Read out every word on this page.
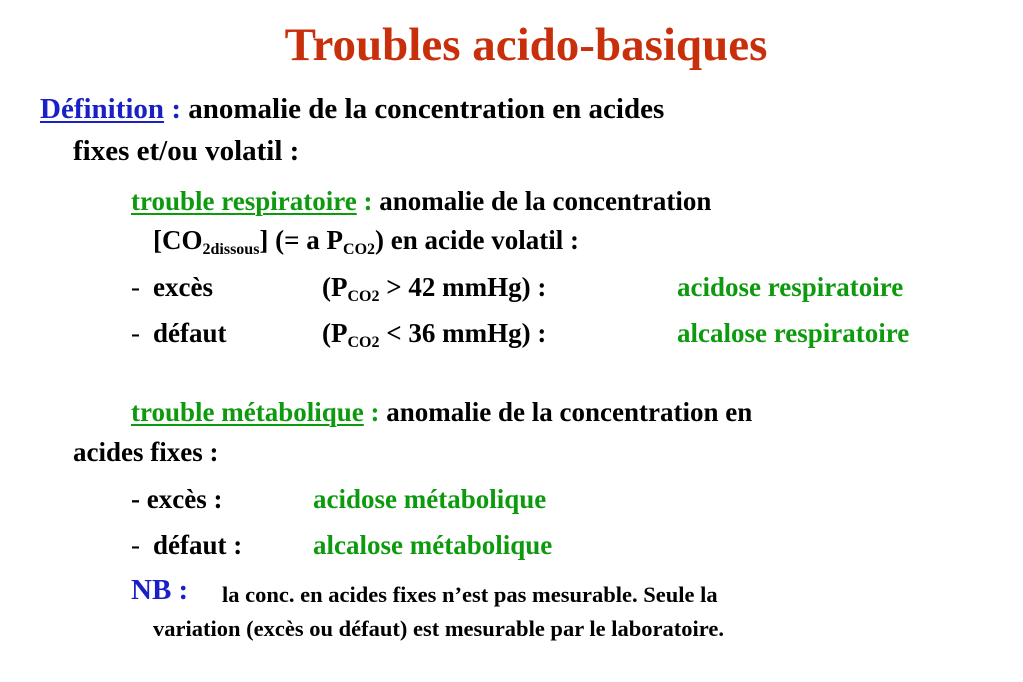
Troubles acido-basiques
Définition : anomalie de la concentration en acides
fixes et/ou volatil :
trouble respiratoire : anomalie de la concentration
$[CO_{2dissous}]$ (= a $P_{CO2}$) en acide volatil :
- excès	($P_{CO2} > 42$ mmHg) :	acidose respiratoire
- défaut	($P_{CO2} < 36$ mmHg) :	alcalose respiratoire
trouble métabolique : anomalie de la concentration en
acides fixes :
- excès :	acidose métabolique
- défaut :	alcalose métabolique
NB : la conc. en acides fixes n’est pas mesurable. Seule la
variation (excès ou défaut) est mesurable par le laboratoire.
